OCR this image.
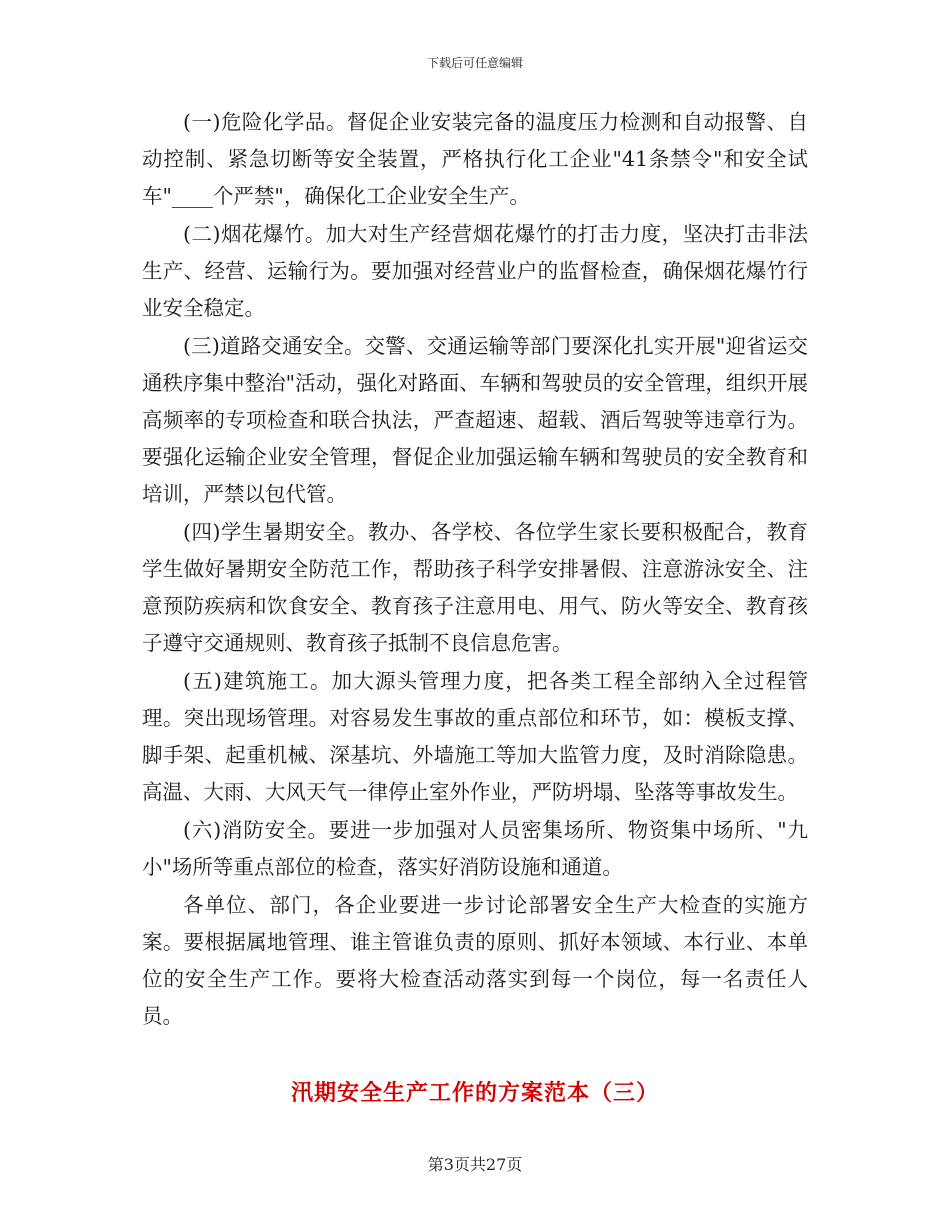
下载后可任意编辑

(一)危险化学品。督促企业安装完备的温度压力检测和自动报警、自动控制、紧急切断等安全装置，严格执行化工企业"41条禁令"和安全试车"____个严禁"，确保化工企业安全生产。

(二)烟花爆竹。加大对生产经营烟花爆竹的打击力度，坚决打击非法生产、经营、运输行为。要加强对经营业户的监督检查，确保烟花爆竹行业安全稳定。

(三)道路交通安全。交警、交通运输等部门要深化扎实开展"迎省运交通秩序集中整治"活动，强化对路面、车辆和驾驶员的安全管理，组织开展高频率的专项检查和联合执法，严查超速、超载、酒后驾驶等违章行为。要强化运输企业安全管理，督促企业加强运输车辆和驾驶员的安全教育和培训，严禁以包代管。

(四)学生暑期安全。教办、各学校、各位学生家长要积极配合，教育学生做好暑期安全防范工作，帮助孩子科学安排暑假、注意游泳安全、注意预防疾病和饮食安全、教育孩子注意用电、用气、防火等安全、教育孩子遵守交通规则、教育孩子抵制不良信息危害。

(五)建筑施工。加大源头管理力度，把各类工程全部纳入全过程管理。突出现场管理。对容易发生事故的重点部位和环节，如：模板支撑、脚手架、起重机械、深基坑、外墙施工等加大监管力度，及时消除隐患。高温、大雨、大风天气一律停止室外作业，严防坍塌、坠落等事故发生。

(六)消防安全。要进一步加强对人员密集场所、物资集中场所、"九小"场所等重点部位的检查，落实好消防设施和通道。

各单位、部门，各企业要进一步讨论部署安全生产大检查的实施方案。要根据属地管理、谁主管谁负责的原则、抓好本领域、本行业、本单位的安全生产工作。要将大检查活动落实到每一个岗位，每一名责任人员。

汛期安全生产工作的方案范本（三）
第3页共27页
